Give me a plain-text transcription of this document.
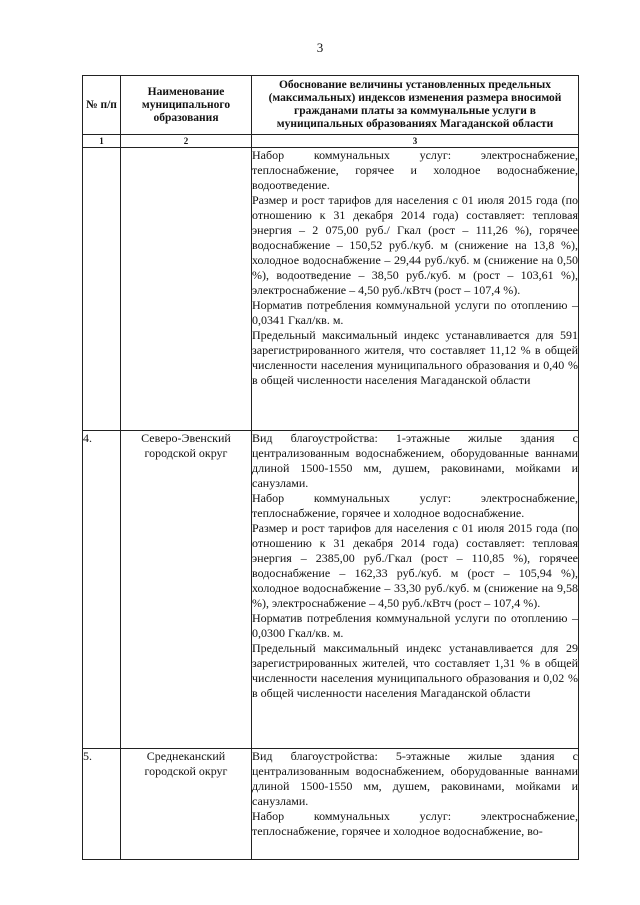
3
№ п/п	Наименование муниципального образования	Обоснование величины установленных предельных (максимальных) индексов изменения размера вносимой гражданами платы за коммунальные услуги в муниципальных образованиях Магаданской области
1	2	3

		Набор коммунальных услуг: электроснабжение, теплоснабжение, горячее и холодное водоснабжение, водоотведение.

Размер и рост тарифов для населения с 01 июля 2015 года (по отношению к 31 декабря 2014 года) составляет: тепловая энергия – 2 075,00 руб./ Гкал (рост – 111,26 %), горячее водоснабжение – 150,52 руб./куб. м (снижение на 13,8 %), холодное водоснабжение – 29,44 руб./куб. м (снижение на 0,50 %), водоотведение – 38,50 руб./куб. м (рост – 103,61 %), электроснабжение – 4,50 руб./кВтч (рост – 107,4 %).

Норматив потребления коммунальной услуги по отоплению – 0,0341 Гкал/кв. м.

Предельный максимальный индекс устанавливается для 591 зарегистрированного жителя, что составляет 11,12 % в общей численности населения муниципального образования и 0,40 % в общей численности населения Магаданской области

4.	Северо-Эвенский городской округ	Вид благоустройства: 1-этажные жилые здания с централизованным водоснабжением, оборудованные ваннами длиной 1500-1550 мм, душем, раковинами, мойками и санузлами.

Набор коммунальных услуг: электроснабжение, теплоснабжение, горячее и холодное водоснабжение.

Размер и рост тарифов для населения с 01 июля 2015 года (по отношению к 31 декабря 2014 года) составляет: тепловая энергия – 2385,00 руб./Гкал (рост – 110,85 %), горячее водоснабжение – 162,33 руб./куб. м (рост – 105,94 %), холодное водоснабжение – 33,30 руб./куб. м (снижение на 9,58 %), электроснабжение – 4,50 руб./кВтч (рост – 107,4 %).

Норматив потребления коммунальной услуги по отоплению – 0,0300 Гкал/кв. м.

Предельный максимальный индекс устанавливается для 29 зарегистрированных жителей, что составляет 1,31 % в общей численности населения муниципального образования и 0,02 % в общей численности населения Магаданской области

5.	Среднеканский городской округ	Вид благоустройства: 5-этажные жилые здания с централизованным водоснабжением, оборудованные ваннами длиной 1500-1550 мм, душем, раковинами, мойками и санузлами.

Набор коммунальных услуг: электроснабжение, теплоснабжение, горячее и холодное водоснабжение, во-
